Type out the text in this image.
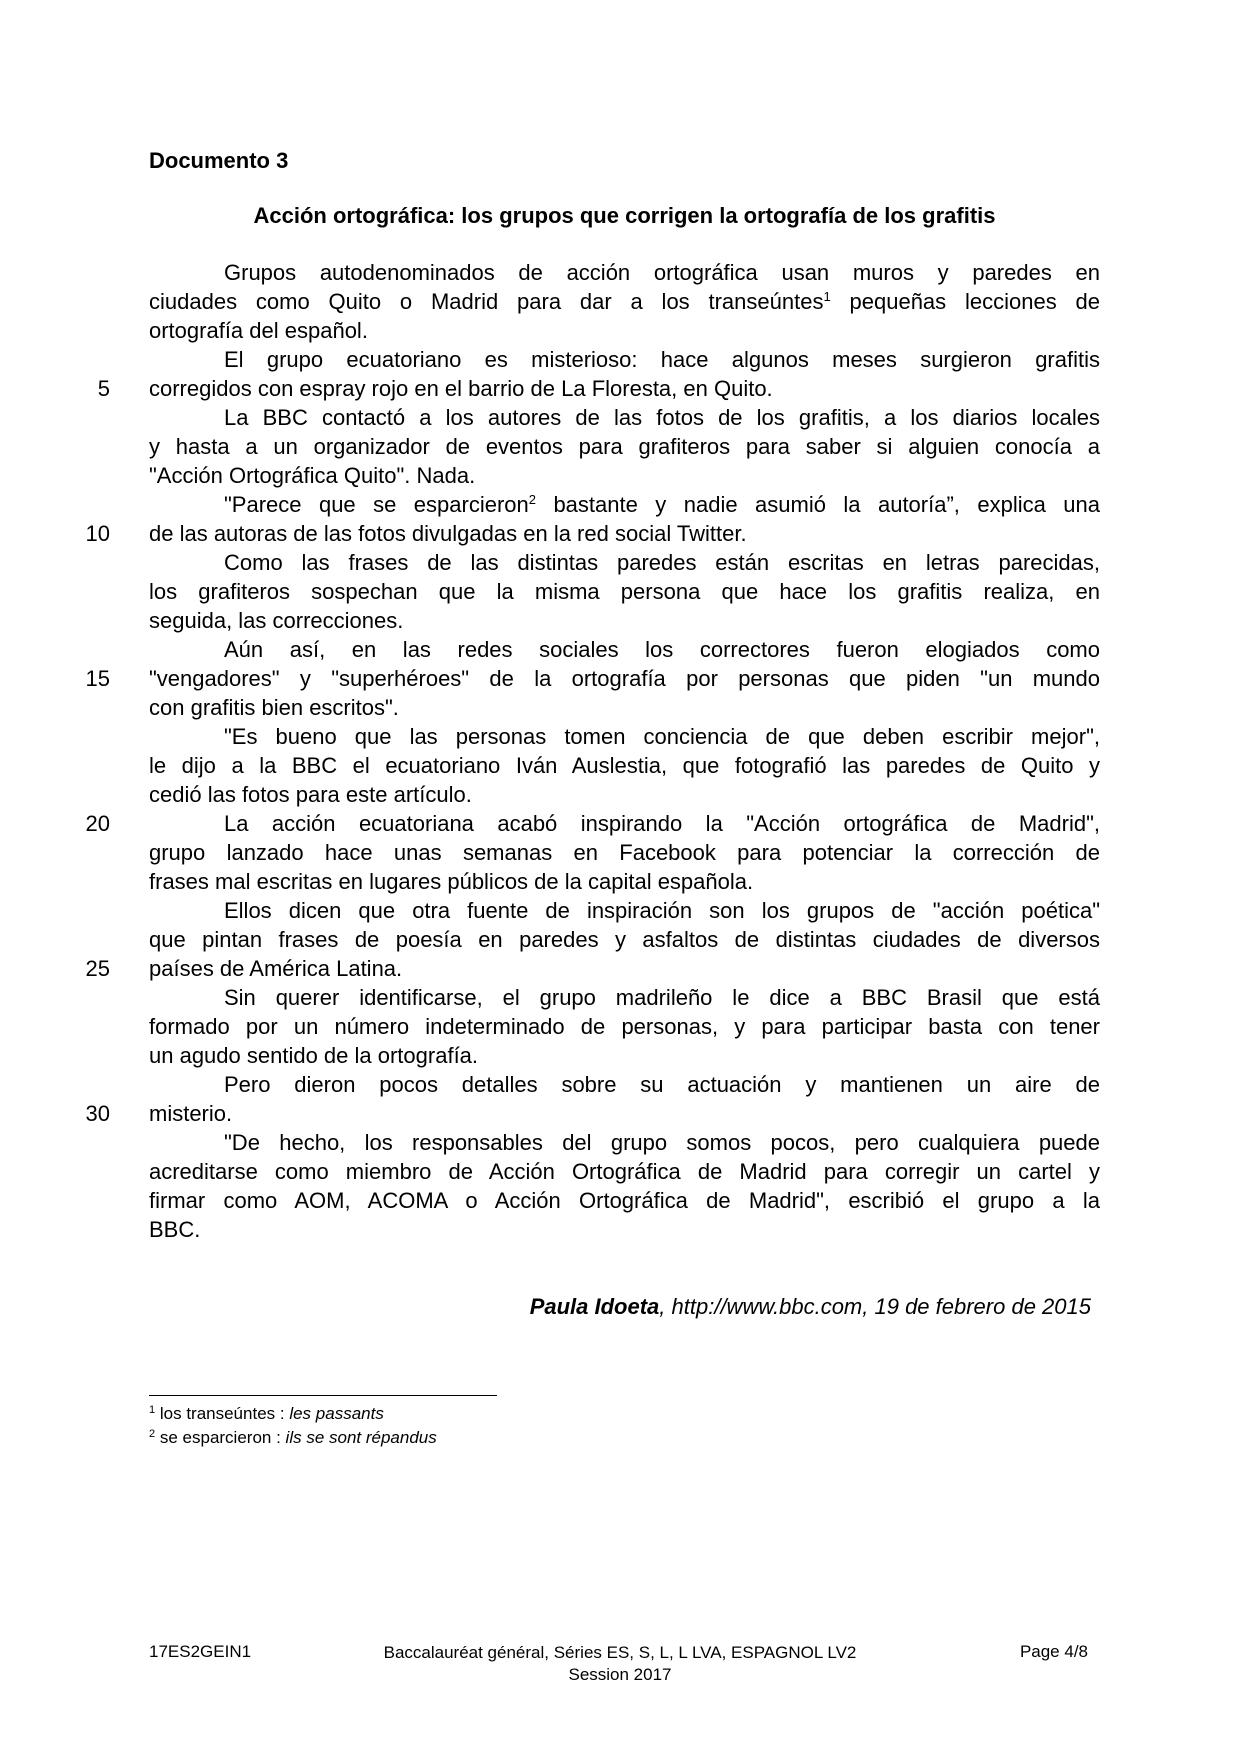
Documento 3
Acción ortográfica: los grupos que corrigen la ortografía de los grafitis
Grupos autodenominados de acción ortográfica usan muros y paredes en
ciudades como Quito o Madrid para dar a los transeúntes$^1$ pequeñas lecciones de
ortografía del español.
El grupo ecuatoriano es misterioso: hace algunos meses surgieron grafitis
corregidos con espray rojo en el barrio de La Floresta, en Quito.
La BBC contactó a los autores de las fotos de los grafitis, a los diarios locales
y hasta a un organizador de eventos para grafiteros para saber si alguien conocía a
"Acción Ortográfica Quito". Nada.
"Parece que se esparcieron$^2$ bastante y nadie asumió la autoría”, explica una
de las autoras de las fotos divulgadas en la red social Twitter.
Como las frases de las distintas paredes están escritas en letras parecidas,
los grafiteros sospechan que la misma persona que hace los grafitis realiza, en
seguida, las correcciones.
Aún así, en las redes sociales los correctores fueron elogiados como
"vengadores" y "superhéroes" de la ortografía por personas que piden "un mundo
con grafitis bien escritos".
"Es bueno que las personas tomen conciencia de que deben escribir mejor",
le dijo a la BBC el ecuatoriano Iván Auslestia, que fotografió las paredes de Quito y
cedió las fotos para este artículo.
La acción ecuatoriana acabó inspirando la "Acción ortográfica de Madrid",
grupo lanzado hace unas semanas en Facebook para potenciar la corrección de
frases mal escritas en lugares públicos de la capital española.
Ellos dicen que otra fuente de inspiración son los grupos de "acción poética"
que pintan frases de poesía en paredes y asfaltos de distintas ciudades de diversos
países de América Latina.
Sin querer identificarse, el grupo madrileño le dice a BBC Brasil que está
formado por un número indeterminado de personas, y para participar basta con tener
un agudo sentido de la ortografía.
Pero dieron pocos detalles sobre su actuación y mantienen un aire de
misterio.
"De hecho, los responsables del grupo somos pocos, pero cualquiera puede
acreditarse como miembro de Acción Ortográfica de Madrid para corregir un cartel y
firmar como AOM, ACOMA o Acción Ortográfica de Madrid", escribió el grupo a la
BBC.
5
10
15
20
25
30
Paula Idoeta, http://www.bbc.com, 19 de febrero de 2015
$^1$ los transeúntes : les passants
$^2$ se esparcieron : ils se sont répandus
17ES2GEIN1	Baccalauréat général, Séries ES, S, L, L LVA, ESPAGNOL LV2
Session 2017
Page 4/8
